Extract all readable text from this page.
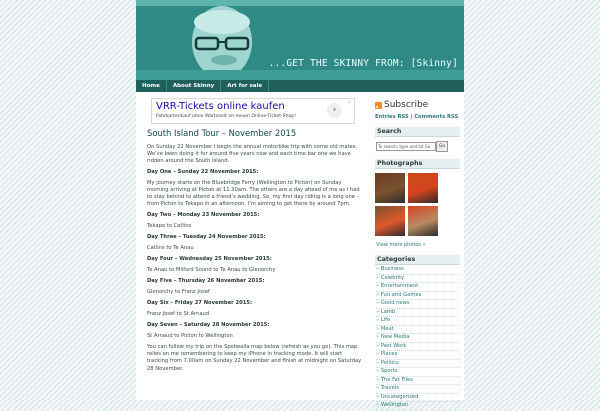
...GET THE SKINNY FROM: [Skinny]
Home	About Skinny	Art for sale
VRR-Tickets online kaufen
Fahrkartenkauf ohne Wartezeit im neuen Online-Ticket-Shop!
›
▷
South Island Tour – November 2015

On Sunday 22 November I begin the annual motorbike trip with some old mates. We’ve been doing it for around five years now and each time bar one we have ridden around the South Island.

Day One – Sunday 22 November 2015:

My journey starts on the Bluebridge Ferry (Wellington to Picton) on Sunday morning arriving at Picton at 11.30am. The others are a day ahead of me as I had to stay behind to attend a friend’s wedding. So, my first day riding is a long one – from Picton to Tekapo in an afternoon. I’m aiming to get there by around 7pm.

Day Two – Monday 23 November 2015:

Tekapo to Catlins

Day Three – Tuesday 24 November 2015:

Catlins to Te Anau

Day Four – Wednesday 25 November 2015:

Te Anau to Milford Sound to Te Anau to Glenorchy

Day Five – Thursday 26 November 2015:

Glenorchy to Franz Josef

Day Six – Friday 27 November 2015:

Franz Josef to St Arnaud

Day Seven – Saturday 28 November 2015:

St Arnaud to Picton to Wellington

You can follow my trip on the Spotwalla map below (refresh as you go). This map relies on me remembering to keep my iPhone in tracking mode. It will start tracking from 7.00am on Sunday 22 November and finish at midnight on Saturday 28 November.

Subscribe
Entries RSS | Comments RSS
Search
To search, type and hit Go	Go
Photographs
View more photos »
Categories
» Business
» Celebrity
» Entertainment
» Fun and Games
» Good news
» Lamb
» Life
» Meat
» New Media
» Past Work
» Places
» Politics
» Sports
» The Fat Files
» Travels
» Uncategorized
» Wellington
